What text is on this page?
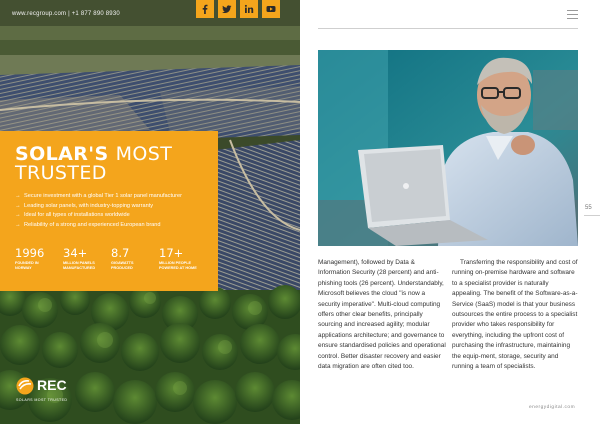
www.recgroup.com | +1 877 890 8930
SOLAR'S MOST
TRUSTED
→ Secure investment with a global Tier 1 solar panel manufacturer
→ Leading solar panels, with industry-topping warranty
→ Ideal for all types of installations worldwide
→ Reliability of a strong and experienced European brand
1996
FOUNDED IN
NORWAY
34+
MILLION PANELS
MANUFACTURED
8.7
GIGAWATTS
PRODUCED
17+
MILLION PEOPLE
POWERED AT HOME
REC
SOLARS MOST TRUSTED
55

Management), followed by Data & Information Security (28 percent) and anti-phishing tools (26 percent). Understandably, Microsoft believes the cloud "is now a security imperative". Multi-cloud computing offers other clear benefits, principally sourcing and increased agility; modular applications architecture; and governance to ensure standardised policies and operational control. Better disaster recovery and easier data migration are often cited too.

Transferring the responsibility and cost of running on-premise hardware and software to a specialist provider is naturally appealing. The benefit of the Software-as-a-Service (SaaS) model is that your business outsources the entire process to a specialist provider who takes responsibility for everything, including the upfront cost of purchasing the infrastructure, maintaining the equip-ment, storage, security and running a team of specialists.

energydigital.com
